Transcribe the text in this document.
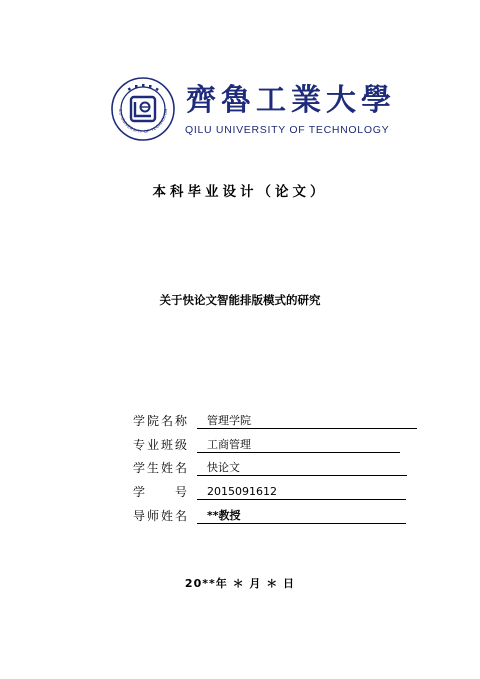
ILU UNIVERSITY OF TECHNOLOG 齊魯工業大學
QILU UNIVERSITY OF TECHNOLOGY
本科毕业设计（论文）
关于快论文智能排版模式的研究
学院名称 管理学院
专业班级 工商管理
学生姓名 快论文
学 号 2015091612
导师姓名 **教授
20**年 ＊ 月 ＊ 日
